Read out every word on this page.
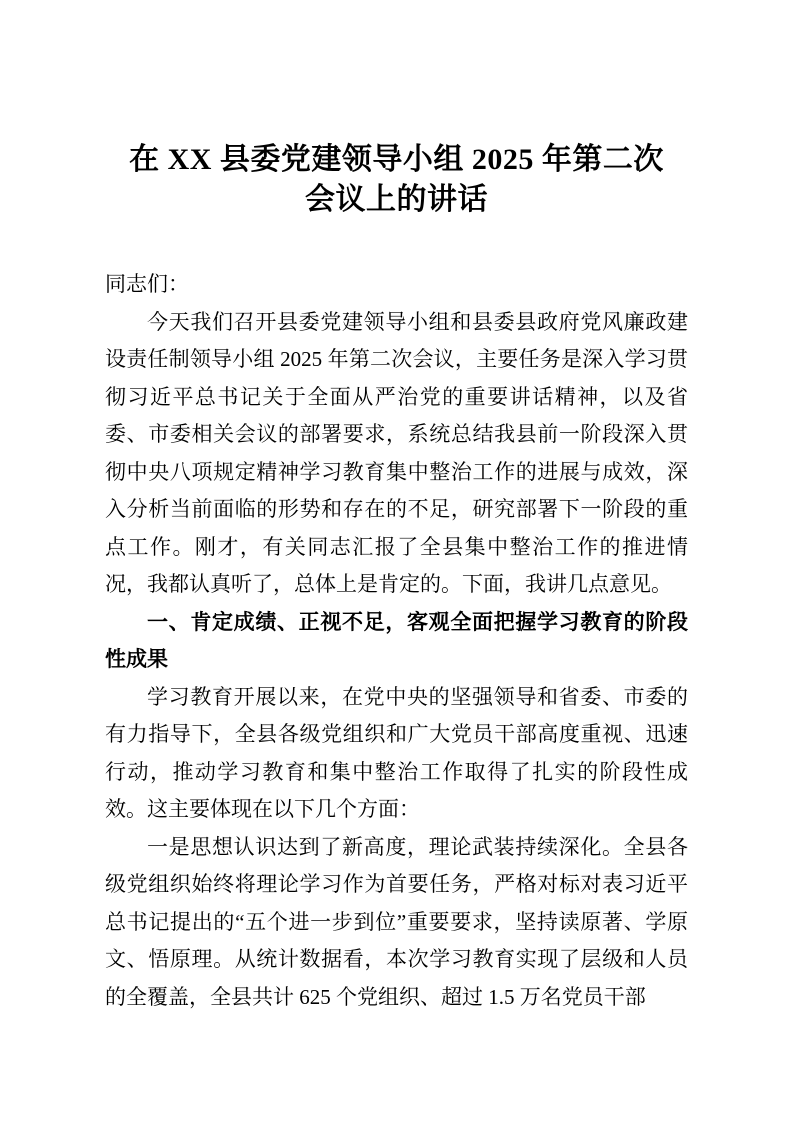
在 XX 县委党建领导小组 2025 年第二次
会议上的讲话

同志们：

今天我们召开县委党建领导小组和县委县政府党风廉政建设责任制领导小组 2025 年第二次会议，主要任务是深入学习贯彻习近平总书记关于全面从严治党的重要讲话精神，以及省委、市委相关会议的部署要求，系统总结我县前一阶段深入贯彻中央八项规定精神学习教育集中整治工作的进展与成效，深入分析当前面临的形势和存在的不足，研究部署下一阶段的重点工作。刚才，有关同志汇报了全县集中整治工作的推进情况，我都认真听了，总体上是肯定的。下面，我讲几点意见。

一、肯定成绩、正视不足，客观全面把握学习教育的阶段性成果

学习教育开展以来，在党中央的坚强领导和省委、市委的有力指导下，全县各级党组织和广大党员干部高度重视、迅速行动，推动学习教育和集中整治工作取得了扎实的阶段性成效。这主要体现在以下几个方面：

一是思想认识达到了新高度，理论武装持续深化。全县各级党组织始终将理论学习作为首要任务，严格对标对表习近平总书记提出的“五个进一步到位”重要要求，坚持读原著、学原文、悟原理。从统计数据看，本次学习教育实现了层级和人员的全覆盖，全县共计 625 个党组织、超过 1.5 万名党员干部
